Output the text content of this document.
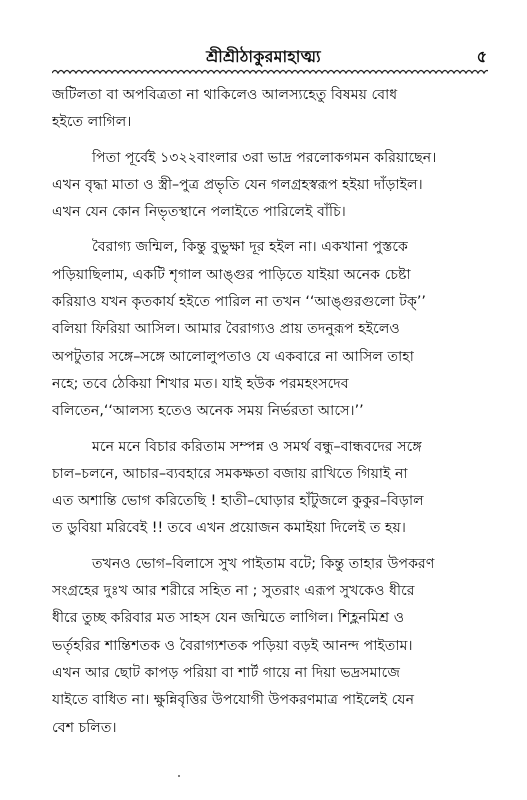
শ্রীশ্রীঠাকুরমাহাত্ম্য	৫

জটিলতা বা অপবিত্রতা না থাকিলেও আলস্যহেতু বিষময় বোধ
হইতে লাগিল।

পিতা পূর্বেই ১৩২২বাংলার ৩রা ভাদ্র পরলোকগমন করিয়াছেন।
এখন বৃদ্ধা মাতা ও স্ত্রী–পুত্র প্রভৃতি যেন গলগ্রহস্বরূপ হইয়া দাঁড়াইল।
এখন যেন কোন নিভৃতস্থানে পলাইতে পারিলেই বাঁচি।

বৈরাগ্য জন্মিল, কিন্তু বুভুক্ষা দূর হইল না। একখানা পুস্তকে
পড়িয়াছিলাম, একটি শৃগাল আঙ্গুর পাড়িতে যাইয়া অনেক চেষ্টা
করিয়াও যখন কৃতকার্য হইতে পারিল না তখন ‘‘আঙ্গুরগুলো টক্’’
বলিয়া ফিরিয়া আসিল। আমার বৈরাগ্যও প্রায় তদনুরূপ হইলেও
অপটুতার সঙ্গে–সঙ্গে আলোলুপতাও যে একবারে না আসিল তাহা
নহে; তবে ঠেকিয়া শিখার মত। যাই হউক পরমহংসদেব
বলিতেন,‘‘আলস্য হতেও অনেক সময় নির্ভরতা আসে।’’

মনে মনে বিচার করিতাম সম্পন্ন ও সমর্থ বন্ধু–বান্ধবদের সঙ্গে
চাল–চলনে, আচার–ব্যবহারে সমকক্ষতা বজায় রাখিতে গিয়াই না
এত অশান্তি ভোগ করিতেছি ! হাতী–ঘোড়ার হাঁটুজলে কুকুর–বিড়াল
ত ডুবিয়া মরিবেই !! তবে এখন প্রয়োজন কমাইয়া দিলেই ত হয়।

তখনও ভোগ–বিলাসে সুখ পাইতাম বটে; কিন্তু তাহার উপকরণ
সংগ্রহের দুঃখ আর শরীরে সহিত না ; সুতরাং এরূপ সুখকেও ধীরে
ধীরে তুচ্ছ করিবার মত সাহস যেন জন্মিতে লাগিল। শিহ্লনমিশ্র ও
ভর্তৃহরির শান্তিশতক ও বৈরাগ্যশতক পড়িয়া বড়ই আনন্দ পাইতাম।
এখন আর ছোট কাপড় পরিয়া বা শার্ট গায়ে না দিয়া ভদ্রসমাজে
যাইতে বাধিত না। ক্ষুন্নিবৃত্তির উপযোগী উপকরণমাত্র পাইলেই যেন
বেশ চলিত।
